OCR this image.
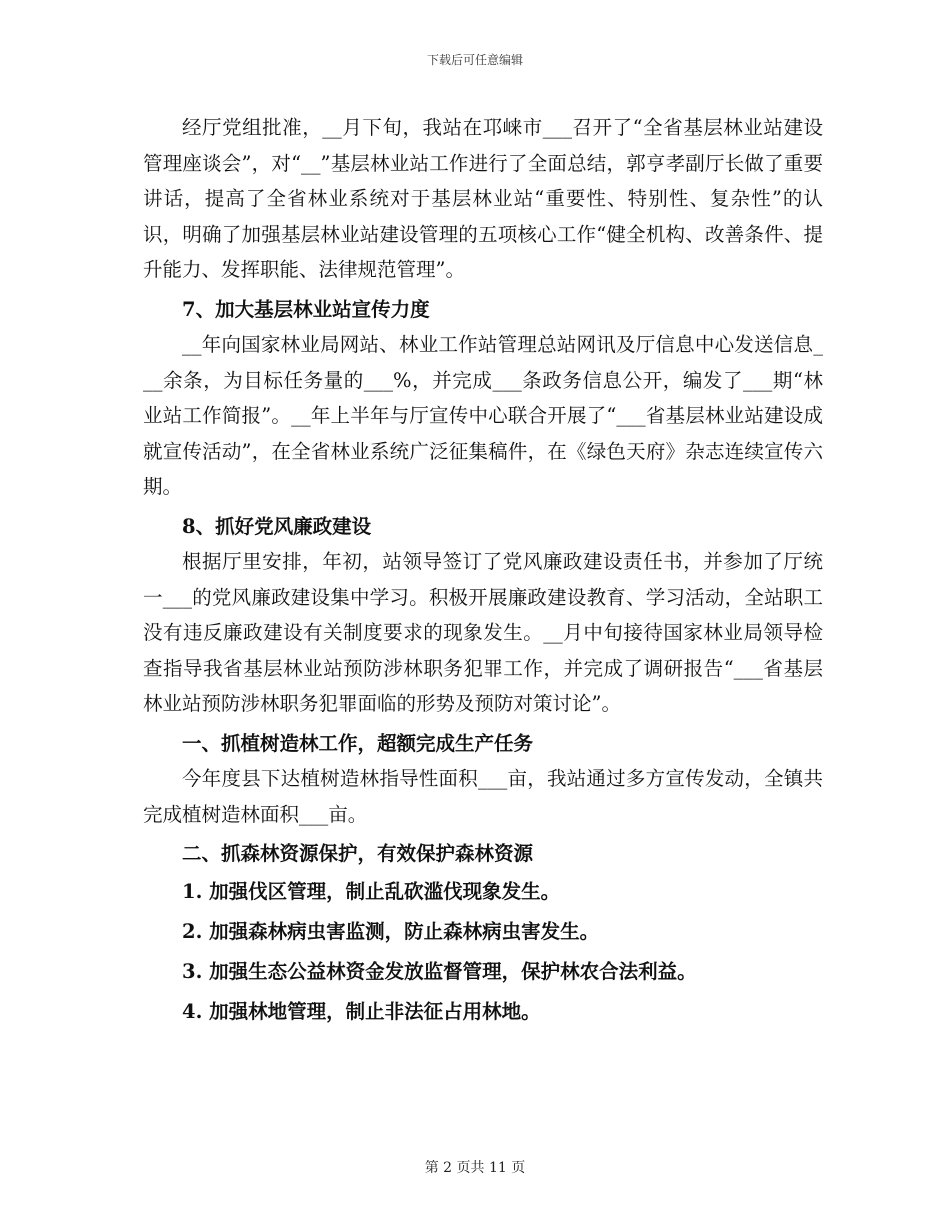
下载后可任意编辑

经厅党组批准，__月下旬，我站在邛崃市___召开了“全省基层林业站建设管理座谈会”，对“__”基层林业站工作进行了全面总结，郭亨孝副厅长做了重要讲话，提高了全省林业系统对于基层林业站“重要性、特别性、复杂性”的认识，明确了加强基层林业站建设管理的五项核心工作“健全机构、改善条件、提升能力、发挥职能、法律规范管理”。

7、加大基层林业站宣传力度

__年向国家林业局网站、林业工作站管理总站网讯及厅信息中心发送信息___余条，为目标任务量的___%，并完成___条政务信息公开，编发了___期“林业站工作简报”。__年上半年与厅宣传中心联合开展了“___省基层林业站建设成就宣传活动”，在全省林业系统广泛征集稿件，在《绿色天府》杂志连续宣传六期。

8、抓好党风廉政建设

根据厅里安排，年初，站领导签订了党风廉政建设责任书，并参加了厅统一___的党风廉政建设集中学习。积极开展廉政建设教育、学习活动，全站职工没有违反廉政建设有关制度要求的现象发生。__月中旬接待国家林业局领导检查指导我省基层林业站预防涉林职务犯罪工作，并完成了调研报告“___省基层林业站预防涉林职务犯罪面临的形势及预防对策讨论”。

一、抓植树造林工作，超额完成生产任务

今年度县下达植树造林指导性面积___亩，我站通过多方宣传发动，全镇共完成植树造林面积___亩。

二、抓森林资源保护，有效保护森林资源

1. 加强伐区管理，制止乱砍滥伐现象发生。

2. 加强森林病虫害监测，防止森林病虫害发生。

3. 加强生态公益林资金发放监督管理，保护林农合法利益。

4. 加强林地管理，制止非法征占用林地。

第 2 页共 11 页
